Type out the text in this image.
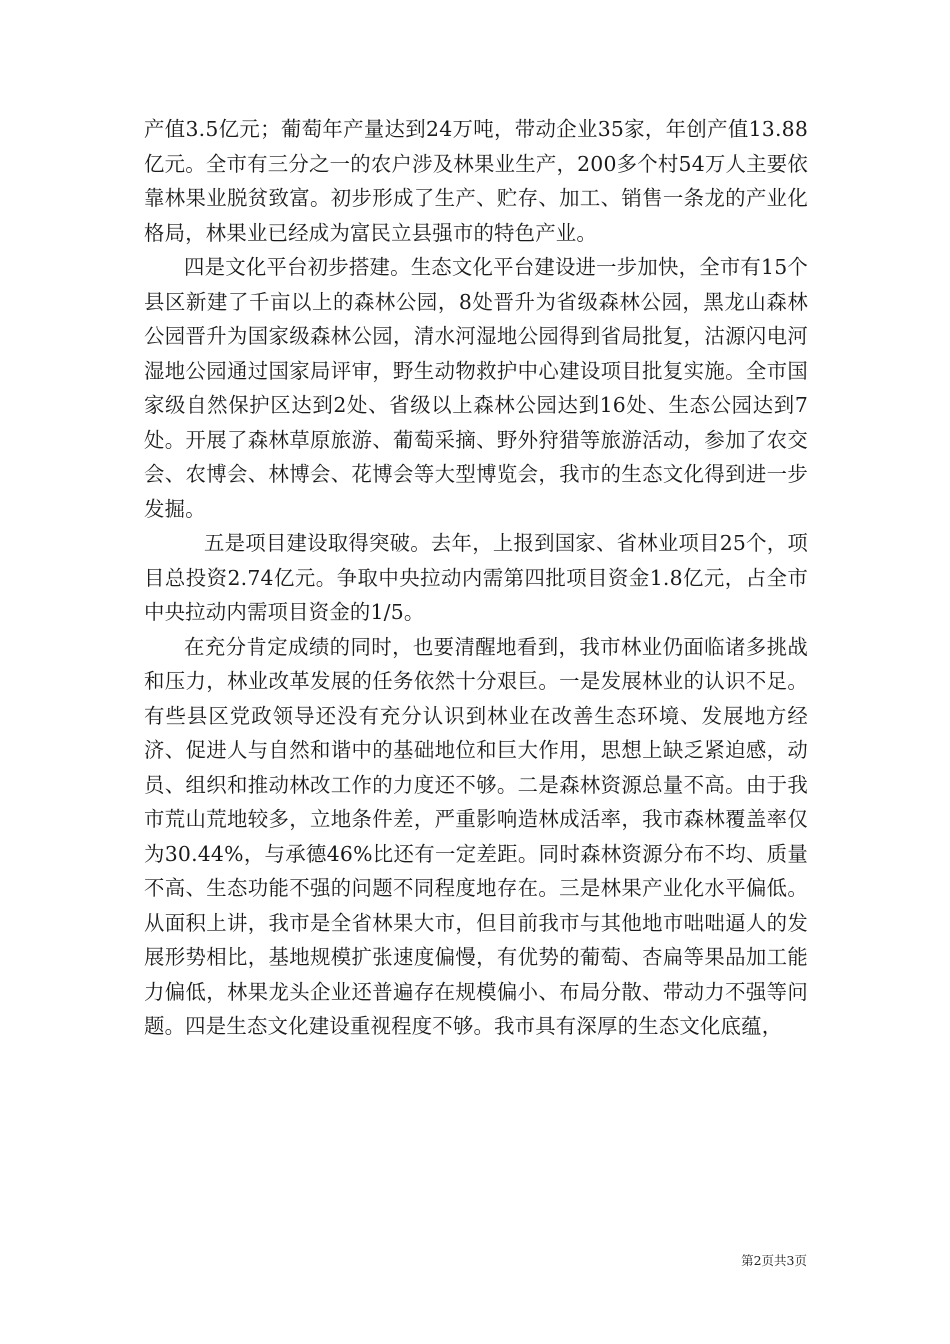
产值3.5亿元；葡萄年产量达到24万吨，带动企业35家，年创产值13.88亿元。全市有三分之一的农户涉及林果业生产，200多个村54万人主要依靠林果业脱贫致富。初步形成了生产、贮存、加工、销售一条龙的产业化格局，林果业已经成为富民立县强市的特色产业。

四是文化平台初步搭建。生态文化平台建设进一步加快，全市有15个县区新建了千亩以上的森林公园，8处晋升为省级森林公园，黑龙山森林公园晋升为国家级森林公园，清水河湿地公园得到省局批复，沽源闪电河湿地公园通过国家局评审，野生动物救护中心建设项目批复实施。全市国家级自然保护区达到2处、省级以上森林公园达到16处、生态公园达到7处。开展了森林草原旅游、葡萄采摘、野外狩猎等旅游活动，参加了农交会、农博会、林博会、花博会等大型博览会，我市的生态文化得到进一步发掘。

五是项目建设取得突破。去年，上报到国家、省林业项目25个，项目总投资2.74亿元。争取中央拉动内需第四批项目资金1.8亿元，占全市中央拉动内需项目资金的1/5。

在充分肯定成绩的同时，也要清醒地看到，我市林业仍面临诸多挑战和压力，林业改革发展的任务依然十分艰巨。一是发展林业的认识不足。有些县区党政领导还没有充分认识到林业在改善生态环境、发展地方经济、促进人与自然和谐中的基础地位和巨大作用，思想上缺乏紧迫感，动员、组织和推动林改工作的力度还不够。二是森林资源总量不高。由于我市荒山荒地较多，立地条件差，严重影响造林成活率，我市森林覆盖率仅为30.44%，与承德46%比还有一定差距。同时森林资源分布不均、质量不高、生态功能不强的问题不同程度地存在。三是林果产业化水平偏低。从面积上讲，我市是全省林果大市，但目前我市与其他地市咄咄逼人的发展形势相比，基地规模扩张速度偏慢，有优势的葡萄、杏扁等果品加工能力偏低，林果龙头企业还普遍存在规模偏小、布局分散、带动力不强等问题。四是生态文化建设重视程度不够。我市具有深厚的生态文化底蕴，

第2页共3页
